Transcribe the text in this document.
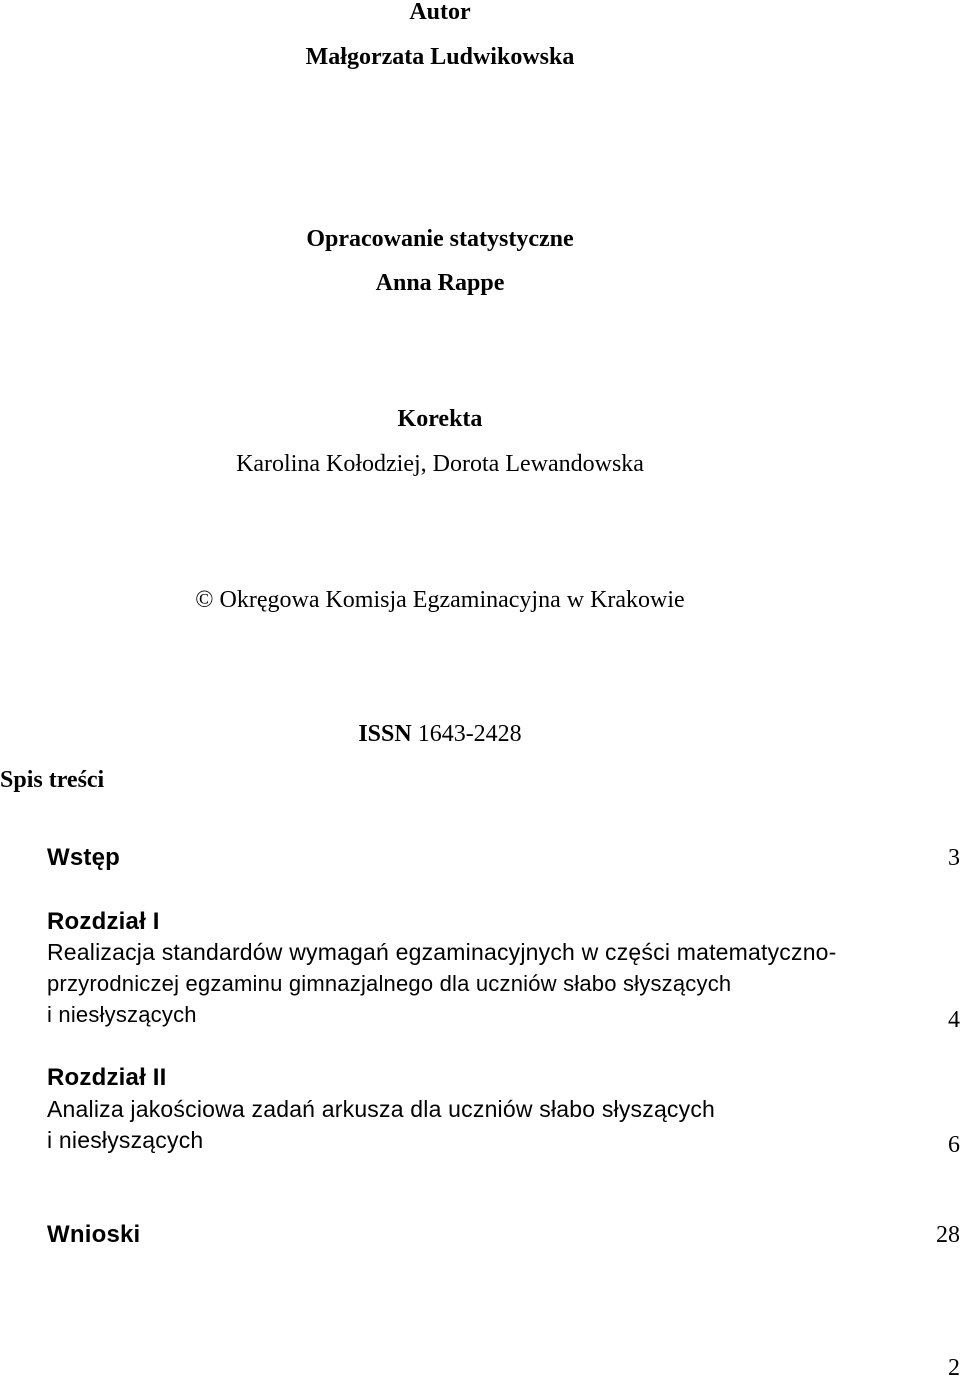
Autor
Małgorzata Ludwikowska
Opracowanie statystyczne
Anna Rappe
Korekta
Karolina Kołodziej, Dorota Lewandowska
© Okręgowa Komisja Egzaminacyjna w Krakowie
ISSN 1643-2428
Spis treści
Wstęp	3
Rozdział I
Realizacja standardów wymagań egzaminacyjnych w części matematyczno-
przyrodniczej egzaminu gimnazjalnego dla uczniów słabo słyszących
i niesłyszących	4
Rozdział II
Analiza jakościowa zadań arkusza dla uczniów słabo słyszących
i niesłyszących	6
Wnioski	28
2
